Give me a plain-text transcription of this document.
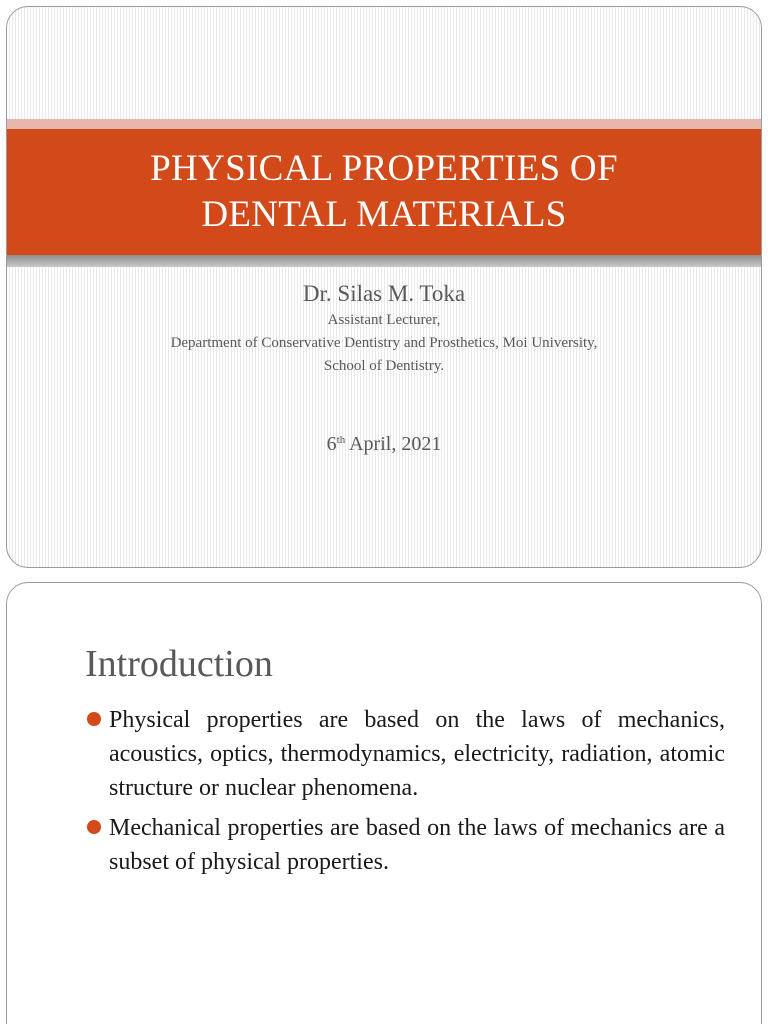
PHYSICAL PROPERTIES OF
DENTAL MATERIALS
Dr. Silas M. Toka
Assistant Lecturer,
Department of Conservative Dentistry and Prosthetics, Moi University,
School of Dentistry.
6th April, 2021
Introduction
Physical properties are based on the laws of mechanics, acoustics, optics, thermodynamics, electricity, radiation, atomic structure or nuclear phenomena.
Mechanical properties are based on the laws of mechanics are a subset of physical properties.
